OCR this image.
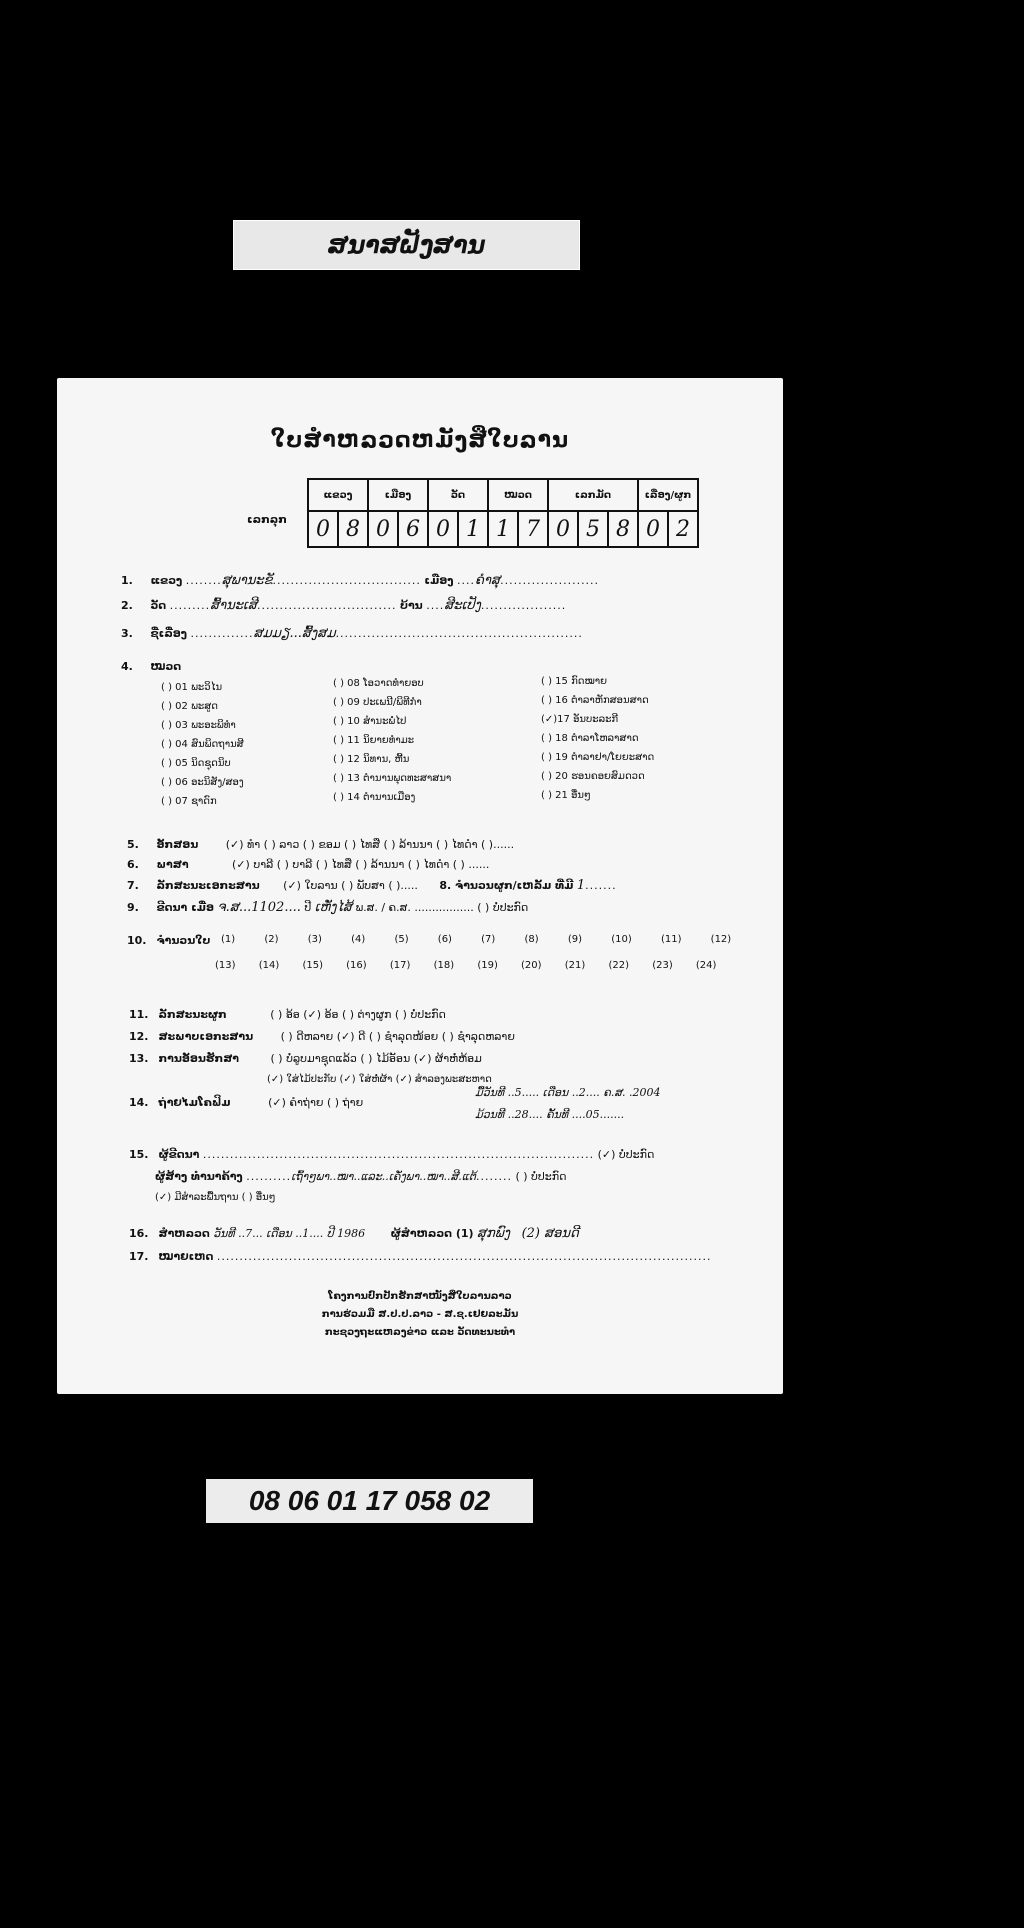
ສນາສຝັງສານ
ໃບສໍາຫລວດຫມັງສືໃບລານ
ເລກລຸກ
ແຂວງ		ເມືອງ		ວັດ		ໝວດ		ເລກມັດ			ເລື່ອງ/ຜູກ	
0	8	0	6	0	1	1	7	0	5	8	0	2
1. ແຂວງ ........ສຸພານະຂັ................................. ເມືອງ ....ຄຳສຸ......................
2. ວັດ .........ສົ້ານະເສີ............................... ບ້ານ ....ສີະເປັງ...................
3. ຊື່ເລື່ອງ ..............ສມມຽ...ສົ້ງສມ.......................................................
4. ໝວດ
( ) 01 ພະວິໄນ
( ) 02 ພະສູດ
( ) 03 ພະອະພິທຳ
( ) 04 ສົນພິດຖານສີ
( ) 05 ນິດຊຸດນິບ
( ) 06 ອະນິສັງ/ສອງ
( ) 07 ຊາດົກ
( ) 08 ໂອວາດທຳຍອບ
( ) 09 ປະເພນີ/ພິທີກໍາ
( ) 10 ສຳນະພໍ່ໄປ
( ) 11 ນິຍາຍທຳມະ
( ) 12 ນິທານ, ຫີ້ນ
( ) 13 ຕຳນານພຸດທະສາສນາ
( ) 14 ຕຳນານເມືອງ
( ) 15 ກົດໝາຍ
( ) 16 ຕຳລາຫັກສອນສາດ
(✓)17 ອັນບະລະກີ
( ) 18 ຕຳລາໂຫລາສາດ
( ) 19 ຕຳລາຢາ/ໂຍຍະສາດ
( ) 20 ຮອນຄອຍສົມດວດ
( ) 21 ອື່ນໆ
5. ອັກສອນ	(✓) ທຳ ( ) ລາວ ( ) ຂອມ ( ) ໄທສື ( ) ລ້ານນາ ( ) ໄທດຳ ( )......
6. ພາສາ	(✓) ບາລີ ( ) ບາລີ ( ) ໄທສື ( ) ລ້ານນາ ( ) ໄທດຳ ( ) ......
7. ລັກສະນະເອກະສານ (✓) ໃບລານ ( ) ພັບສາ ( )..... 8. ຈຳນວນຜູກ/ເຫລັ້ມ ທີ່ມີ 1.......
9. ຂີດນາ ເມື່ອ ຈ.ສ...1102.... ປີ ເຫັ່ງໄສ້ ພ.ສ. / ຄ.ສ. ................. ( ) ບໍ່ປະກົດ
10. ຈຳນວນໃບ (1)	(2)	(3)	(4)	(5)	(6)	(7)	(8)	(9)	(10)	(11)	(12)
(13) (14) (15) (16) (17) (18) (19) (20) (21) (22) (23) (24)
11. ລັກສະນະຜູກ	( ) ອ້ອ (✓) ອ້ອ ( ) ຕ່າງຜູກ ( ) ບໍ່ປະກົດ
12. ສະພາບເອກະສານ	( ) ດີຫລາຍ (✓) ດີ ( ) ຊຳລຸດໜ້ອຍ ( ) ຊຳລຸດຫລາຍ
13. ການອັອນຮັກສາ	( ) ບໍ່ລູບມາຊຸດແລ້ວ ( ) ໄມ້ອັອນ (✓) ຜ້າຫໍ່ຫ້ອມ
(✓) ໃສ່ໄມ້ປະກັບ (✓) ໃສ່ຫໍ່ຜ້າ (✓) ສຳລອງພະສະຫາດ
14. ຖ່າຍໄມໂຄຟິມ	(✓) ຄຳຖ່າຍ ( ) ຖ່າຍ
ມື້ວັນທີ ..5..... ເດືອນ ..2.... ຄ.ສ. .2004
ມ້ວນທີ ..28.... ຄັ້ນທີ ....05.......
15. ຜູ້ຂີດນາ ....................................................................................... (✓) ບໍ່ປະກົດ
ຜູ້ສ້າງ ທຳນາຄ້າງ ..........ເຖົ້າໆພາ..ໝາ..ແລະ..ເຄັ່ງພາ..ໝາ..ສີ.ແຕ້........ ( ) ບໍ່ປະກົດ
(✓) ມີສໍາລະພື້ນຖານ ( ) ອື່ນໆ
16. ສໍາຫລວດ ວັນທີ ..7... ເດືອນ ..1.... ປີ 1986 ຜູ້ສໍາຫລວດ (1) ສຸກພົງ (2) ສອນດີ
17. ໝາຍເຫດ ..............................................................................................................
ໂຄງການປົກປັກຮັກສາໜັງສືໃບລານລາວ
ການຮ່ວມມື ສ.ປ.ປ.ລາວ - ສ.ຊ.ເຢຍລະມັນ
ກະຊວງຖະແຫລງຂ່າວ ແລະ ວັດທະນະທຳ
08 06 01 17 058 02
